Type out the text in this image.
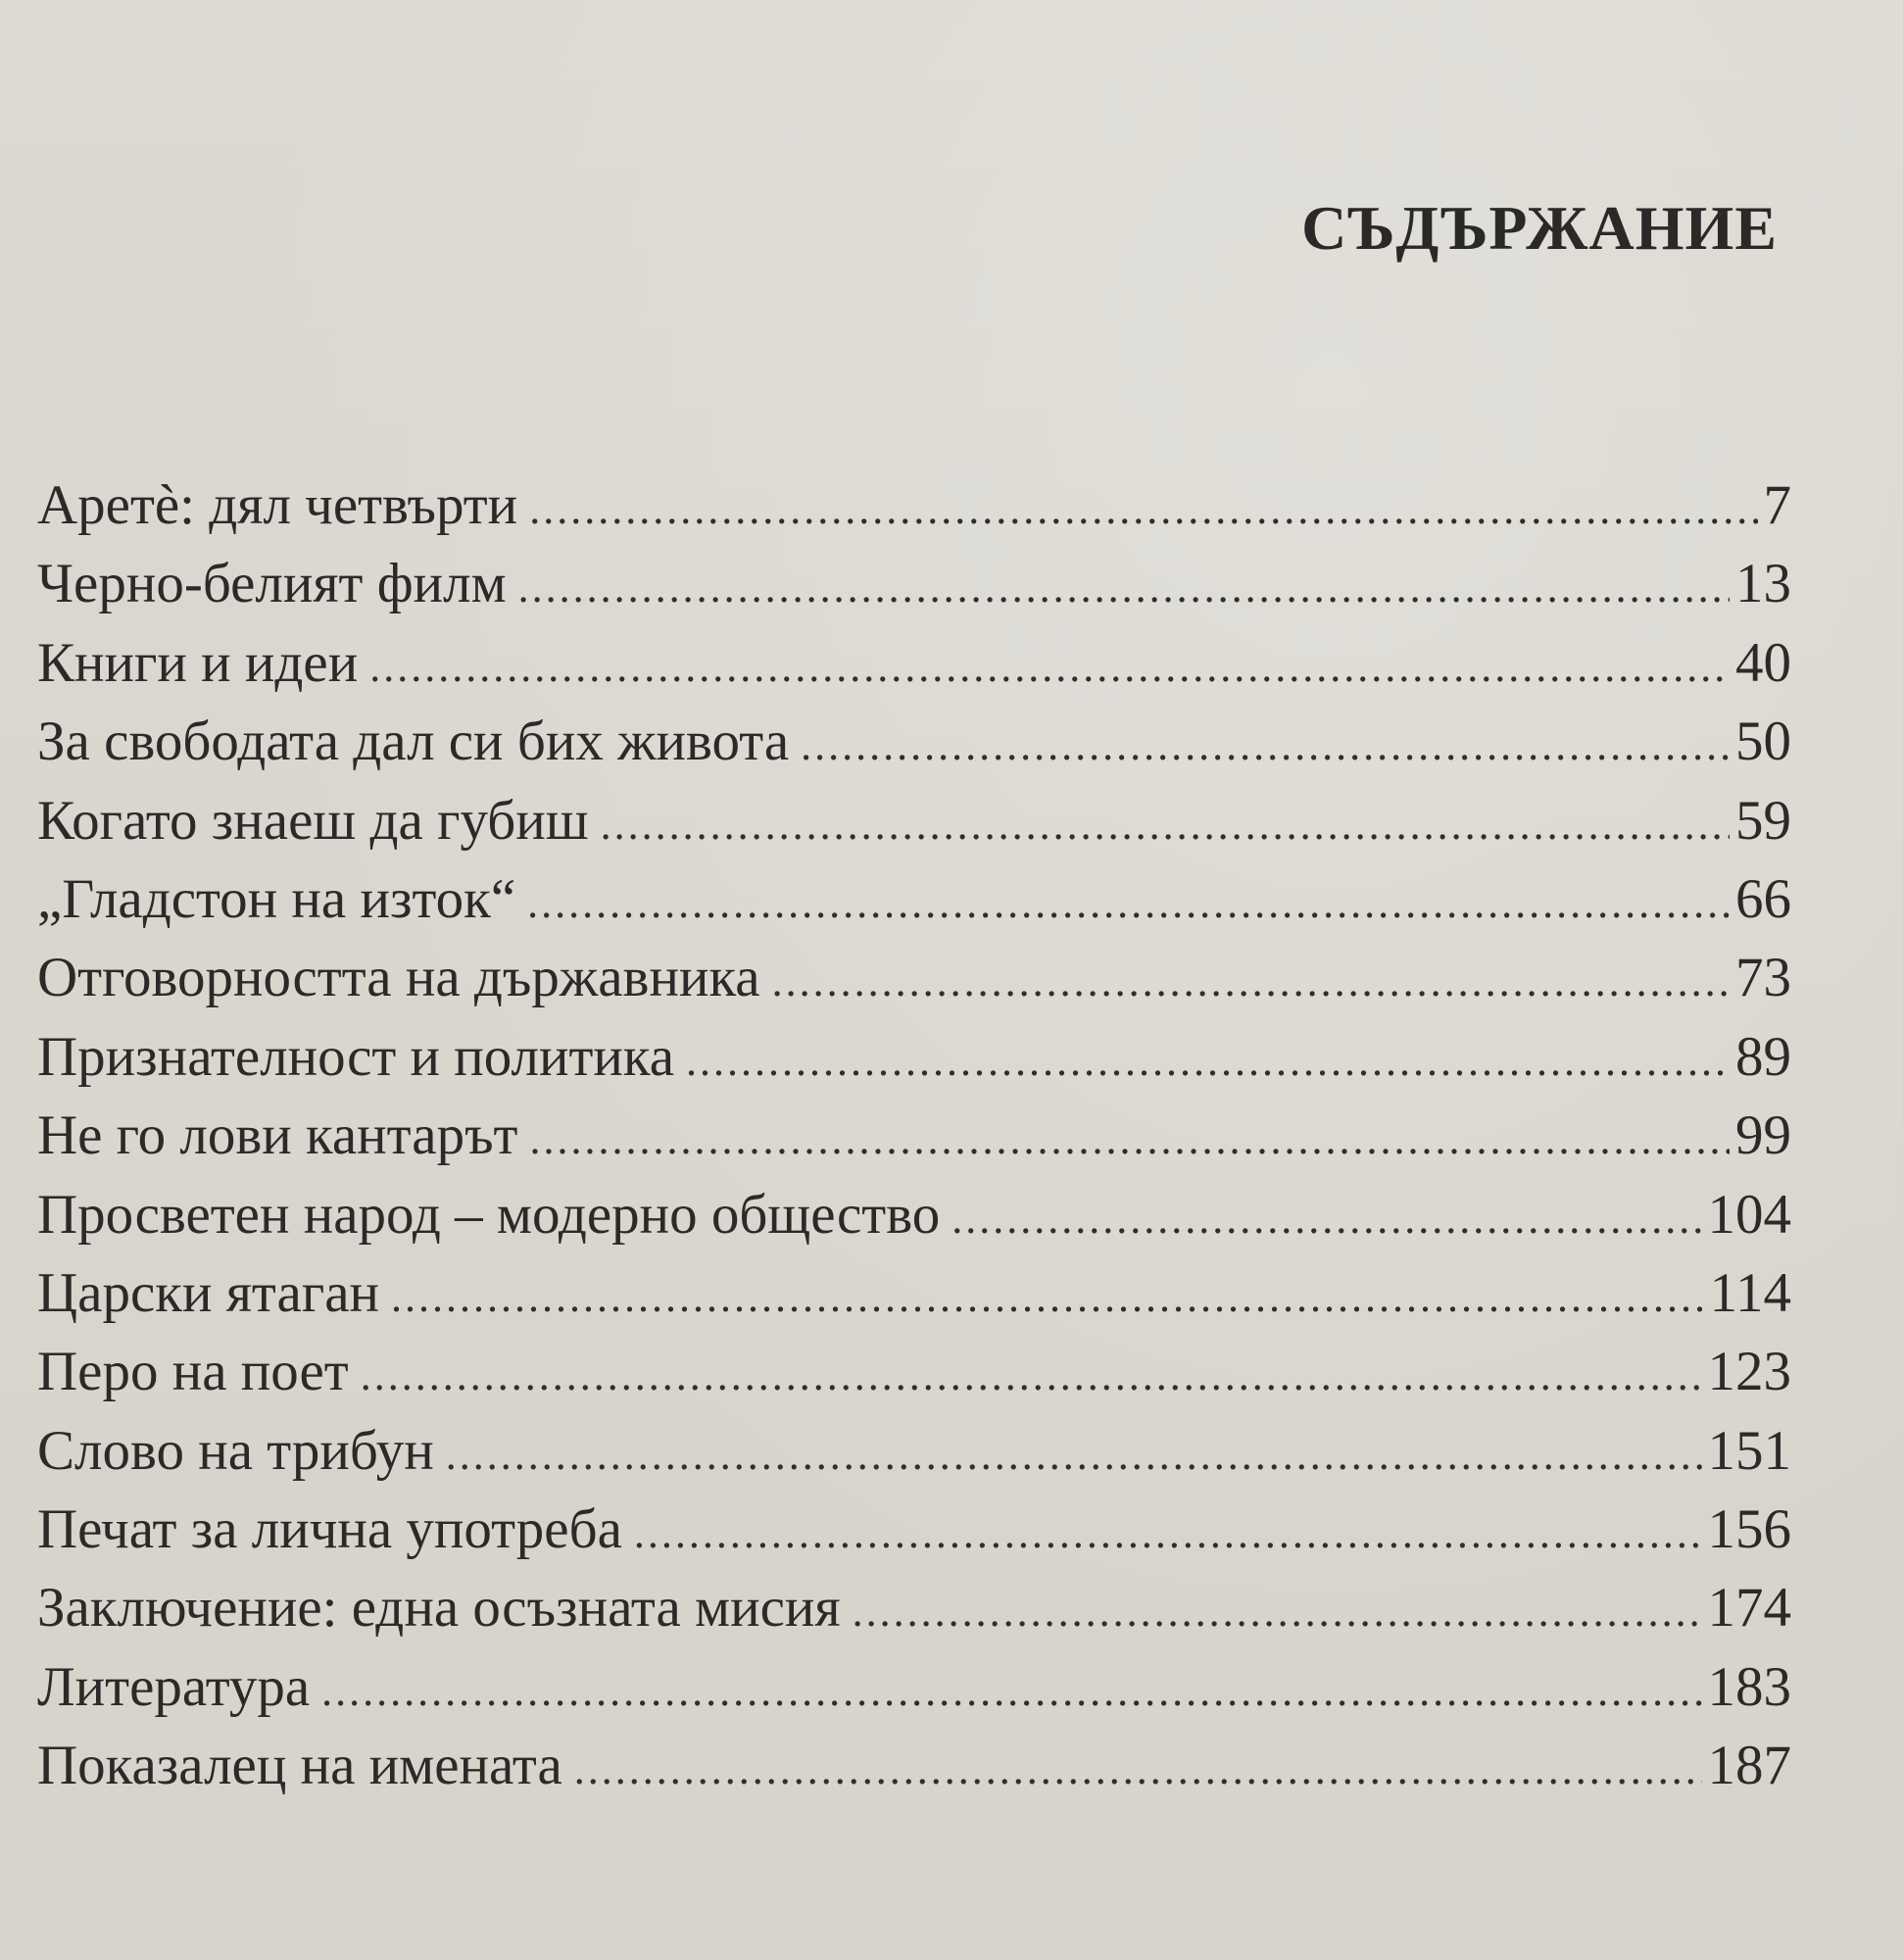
СЪДЪРЖАНИЕ
Аретѐ: дял четвърти .....	7
Черно-белият филм .....	13
Книги и идеи .....	40
За свободата дал си бих живота .....	50
Когато знаеш да губиш .....	59
„Гладстон на изток“ .....	66
Отговорността на държавника .....	73
Признателност и политика .....	89
Не го лови кантарът .....	99
Просветен народ – модерно общество .....	104
Царски ятаган .....	114
Перо на поет .....	123
Слово на трибун .....	151
Печат за лична употреба .....	156
Заключение: една осъзната мисия .....	174
Литература .....	183
Показалец на имената .....	187
